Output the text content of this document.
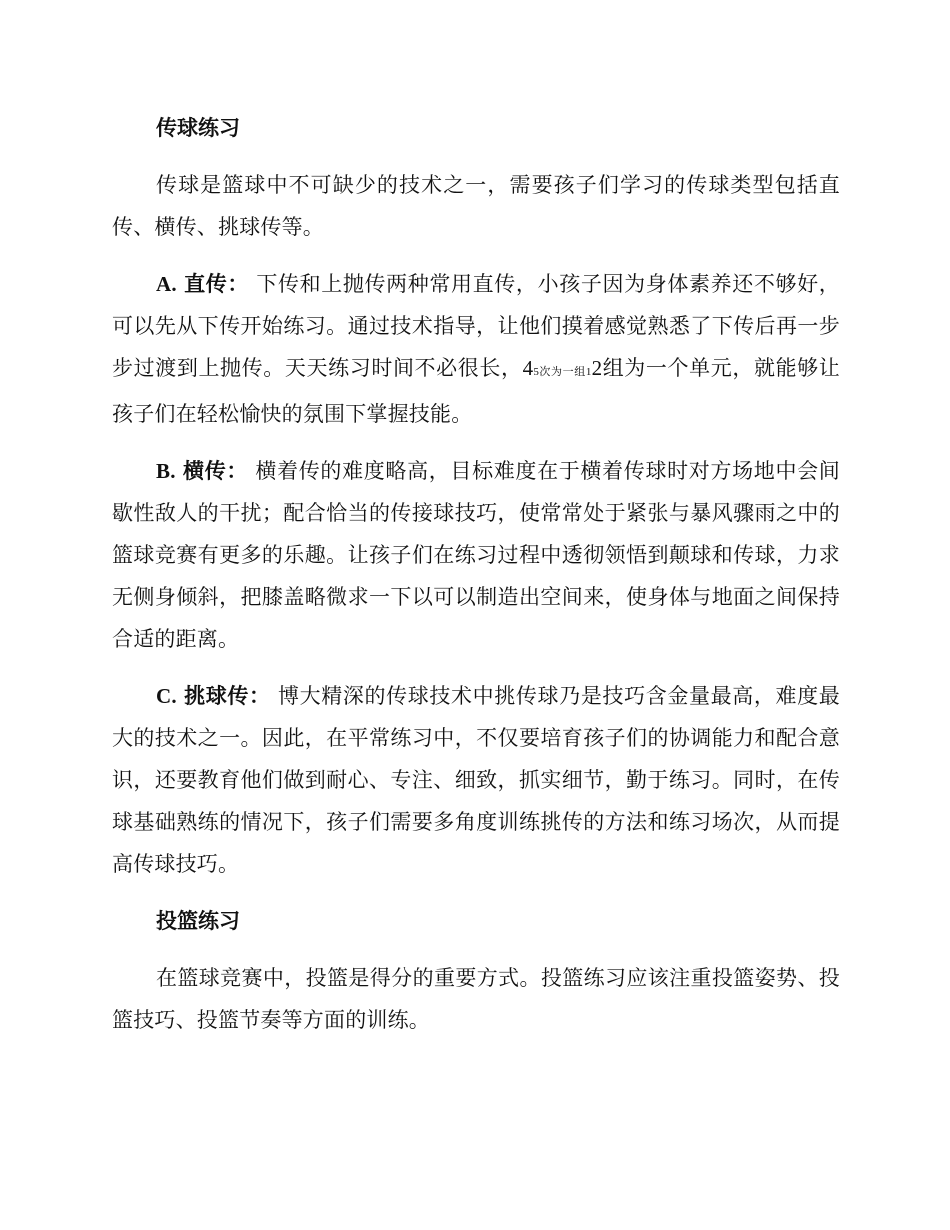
传球练习

传球是篮球中不可缺少的技术之一，需要孩子们学习的传球类型包括直传、横传、挑球传等。

A. 直传： 下传和上抛传两种常用直传，小孩子因为身体素养还不够好，可以先从下传开始练习。通过技术指导，让他们摸着感觉熟悉了下传后再一步步过渡到上抛传。天天练习时间不必很长，45次为一组12组为一个单元，就能够让孩子们在轻松愉快的氛围下掌握技能。

B. 横传： 横着传的难度略高，目标难度在于横着传球时对方场地中会间歇性敌人的干扰；配合恰当的传接球技巧，使常常处于紧张与暴风骤雨之中的篮球竞赛有更多的乐趣。让孩子们在练习过程中透彻领悟到颠球和传球，力求无侧身倾斜，把膝盖略微求一下以可以制造出空间来，使身体与地面之间保持合适的距离。

C. 挑球传： 博大精深的传球技术中挑传球乃是技巧含金量最高，难度最大的技术之一。因此，在平常练习中，不仅要培育孩子们的协调能力和配合意识，还要教育他们做到耐心、专注、细致，抓实细节，勤于练习。同时，在传球基础熟练的情况下，孩子们需要多角度训练挑传的方法和练习场次，从而提高传球技巧。

投篮练习

在篮球竞赛中，投篮是得分的重要方式。投篮练习应该注重投篮姿势、投篮技巧、投篮节奏等方面的训练。
